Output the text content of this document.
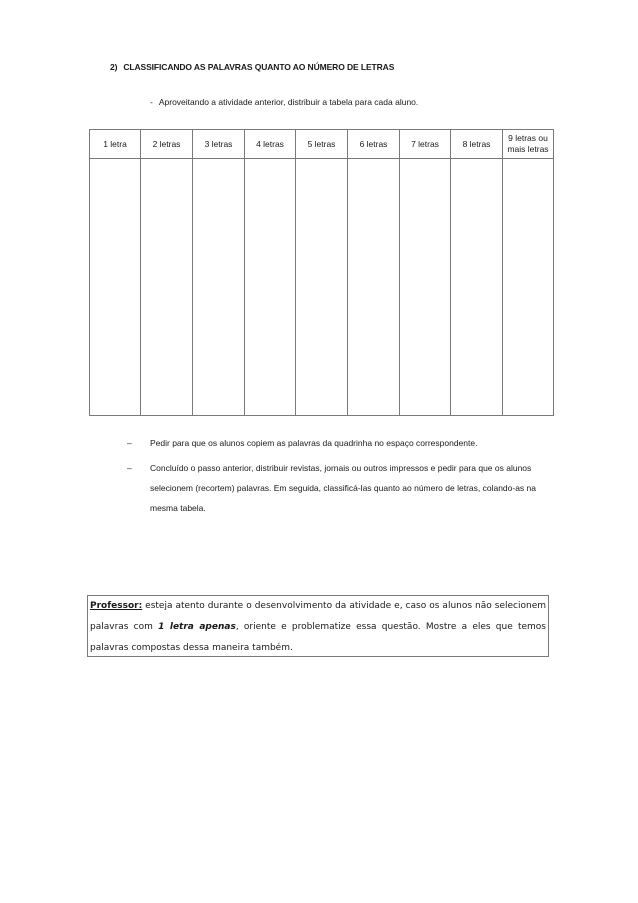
2) CLASSIFICANDO AS PALAVRAS QUANTO AO NÚMERO DE LETRAS
- Aproveitando a atividade anterior, distribuir a tabela para cada aluno.
1 letra	2 letras	3 letras	4 letras	5 letras	6 letras	7 letras	8 letras	9 letras ou mais letras

– Pedir para que os alunos copiem as palavras da quadrinha no espaço correspondente.
– Concluído o passo anterior, distribuir revistas, jornais ou outros impressos e pedir para que os alunos selecionem (recortem) palavras. Em seguida, classificá-las quanto ao número de letras, colando-as na mesma tabela.
Professor: esteja atento durante o desenvolvimento da atividade e, caso os alunos não selecionem palavras com 1 letra apenas, oriente e problematize essa questão. Mostre a eles que temos palavras compostas dessa maneira também.
